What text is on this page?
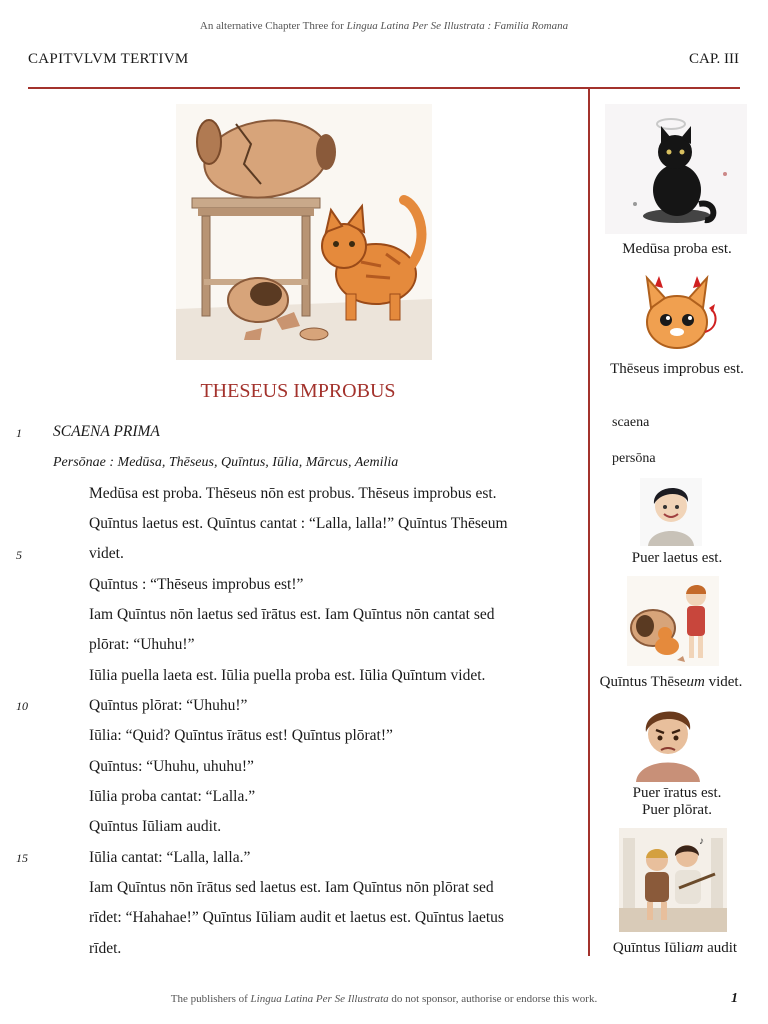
An alternative Chapter Three for Lingua Latina Per Se Illustrata : Familia Romana
CAPITVLVM TERTIVM	CAP. III
THESEUS IMPROBUS
1
5
10
15
SCAENA PRIMA
Persōnae : Medūsa, Thēseus, Quīntus, Iūlia, Mārcus, Aemilia
Medūsa est proba. Thēseus nōn est probus. Thēseus improbus est.
Quīntus laetus est. Quīntus cantat : “Lalla, lalla!” Quīntus Thēseum
videt.
Quīntus : “Thēseus improbus est!”
Iam Quīntus nōn laetus sed īrātus est. Iam Quīntus nōn cantat sed
plōrat: “Uhuhu!”
Iūlia puella laeta est. Iūlia puella proba est. Iūlia Quīntum videt.
Quīntus plōrat: “Uhuhu!”
Iūlia: “Quid? Quīntus īrātus est! Quīntus plōrat!”
Quīntus: “Uhuhu, uhuhu!”
Iūlia proba cantat: “Lalla.”
Quīntus Iūliam audit.
Iūlia cantat: “Lalla, lalla.”
Iam Quīntus nōn īrātus sed laetus est. Iam Quīntus nōn plōrat sed
rīdet: “Hahahae!” Quīntus Iūliam audit et laetus est. Quīntus laetus
rīdet.
Medūsa proba est.
Thēseus improbus est.
scaena
persōna
Puer laetus est.
Quīntus Thēseum videt.
Puer īratus est.
Puer plōrat.
♪
Quīntus Iūliam audit
The publishers of Lingua Latina Per Se Illustrata do not sponsor, authorise or endorse this work.	1
